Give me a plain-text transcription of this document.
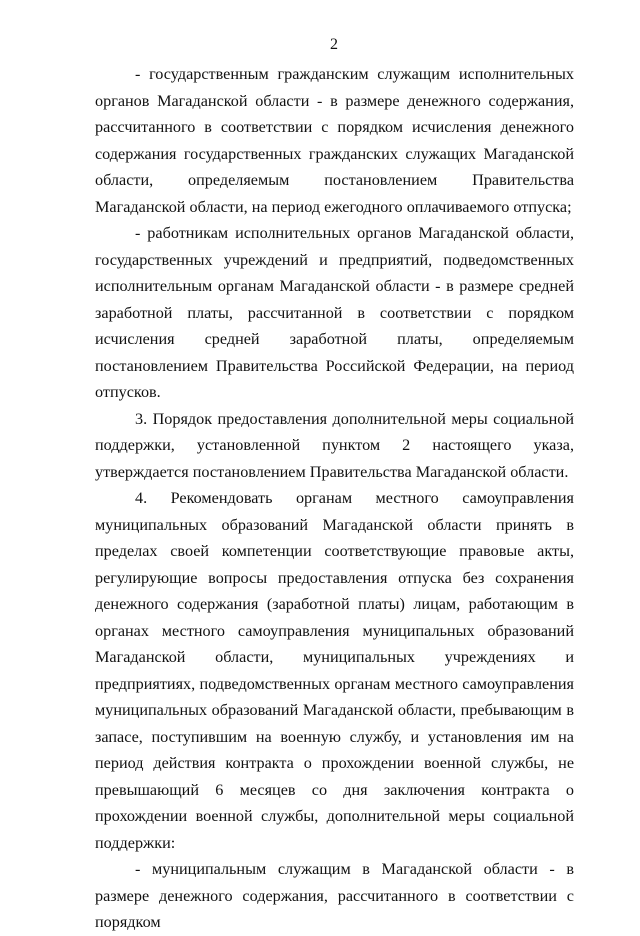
2

- государственным гражданским служащим исполнительных органов Магаданской области - в размере денежного содержания, рассчитанного в соответствии с порядком исчисления денежного содержания государственных гражданских служащих Магаданской области, определяемым постановлением Правительства Магаданской области, на период ежегодного оплачиваемого отпуска;

- работникам исполнительных органов Магаданской области, государственных учреждений и предприятий, подведомственных исполнительным органам Магаданской области - в размере средней заработной платы, рассчитанной в соответствии с порядком исчисления средней заработной платы, определяемым постановлением Правительства Российской Федерации, на период отпусков.

3. Порядок предоставления дополнительной меры социальной поддержки, установленной пунктом 2 настоящего указа, утверждается постановлением Правительства Магаданской области.

4. Рекомендовать органам местного самоуправления муниципальных образований Магаданской области принять в пределах своей компетенции соответствующие правовые акты, регулирующие вопросы предоставления отпуска без сохранения денежного содержания (заработной платы) лицам, работающим в органах местного самоуправления муниципальных образований Магаданской области, муниципальных учреждениях и предприятиях, подведомственных органам местного самоуправления муниципальных образований Магаданской области, пребывающим в запасе, поступившим на военную службу, и установления им на период действия контракта о прохождении военной службы, не превышающий 6 месяцев со дня заключения контракта о прохождении военной службы, дополнительной меры социальной поддержки:

- муниципальным служащим в Магаданской области - в размере денежного содержания, рассчитанного в соответствии с порядком
